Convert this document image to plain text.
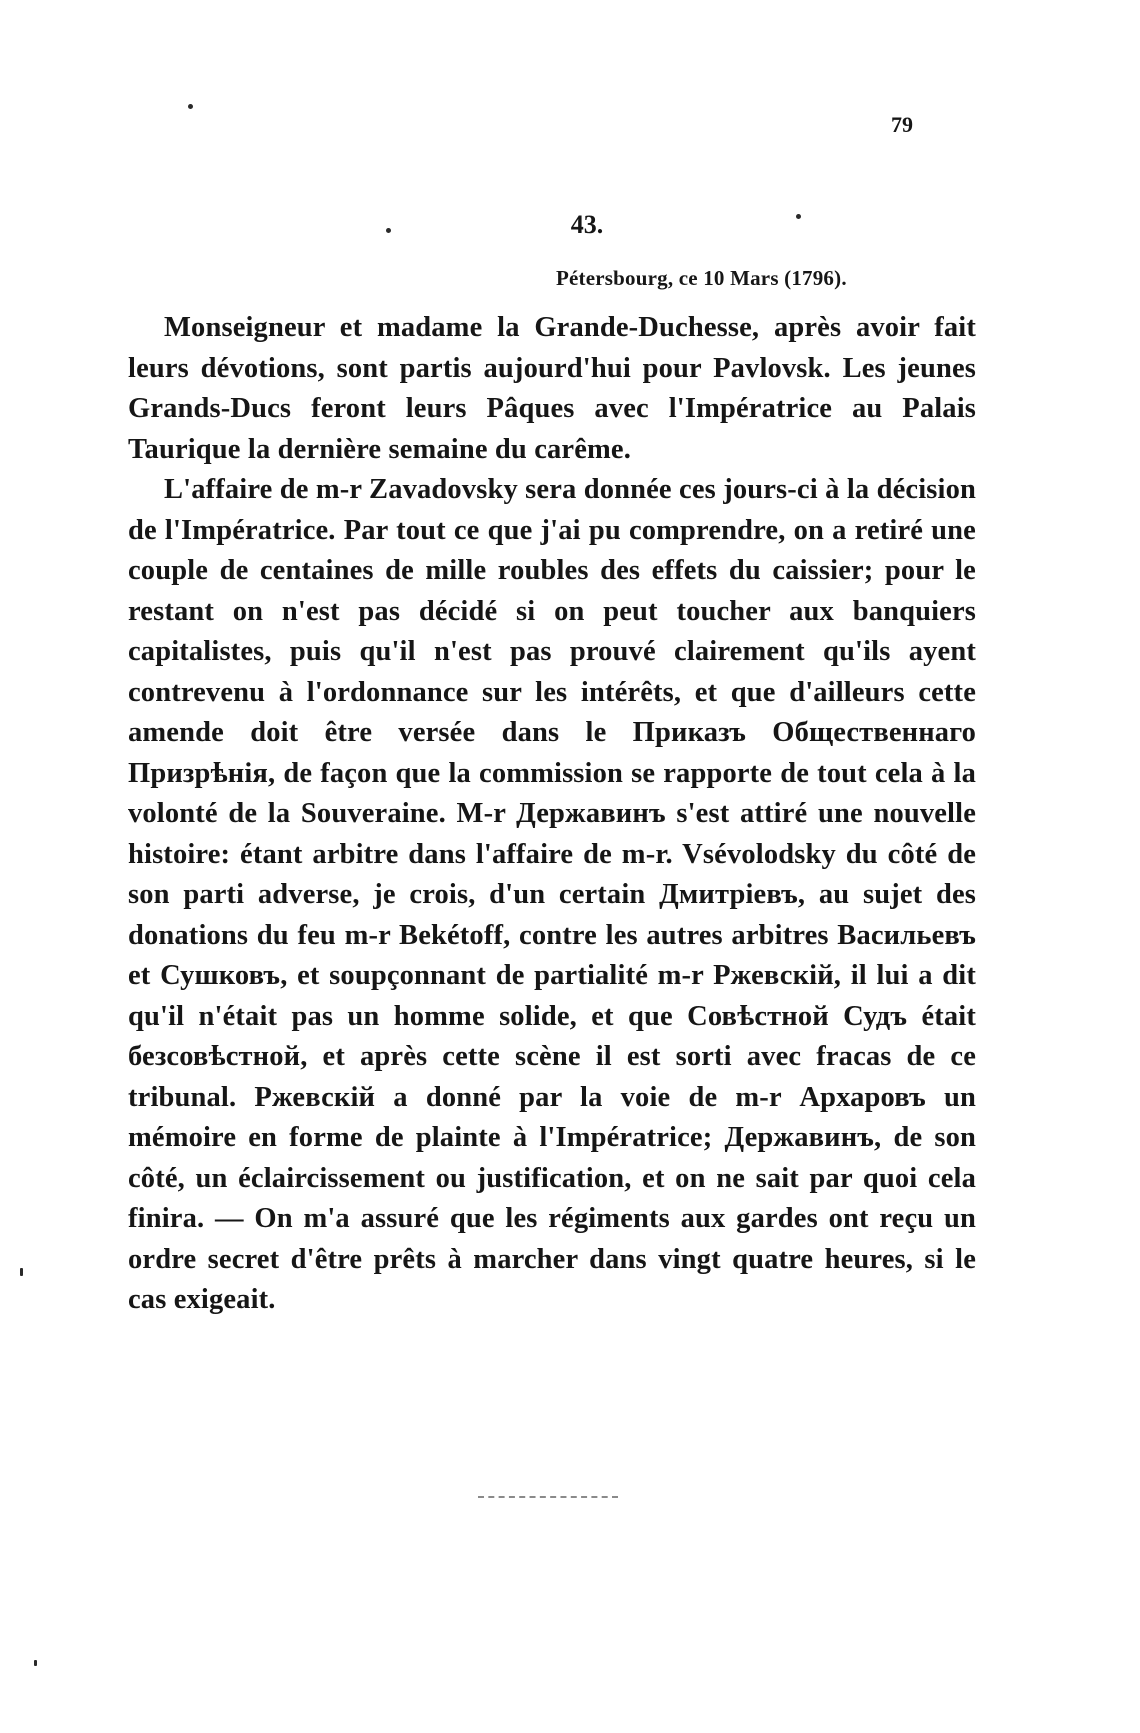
79
43.
Pétersbourg, ce 10 Mars (1796).

Monseigneur et madame la Grande-Duchesse, après avoir fait leurs dévotions, sont partis aujourd'hui pour Pavlovsk. Les jeunes Grands-Ducs feront leurs Pâques avec l'Impératrice au Palais Taurique la dernière semaine du carême.

L'affaire de m-r Zavadovsky sera donnée ces jours-ci à la décision de l'Impératrice. Par tout ce que j'ai pu comprendre, on a retiré une couple de centaines de mille roubles des effets du caissier; pour le restant on n'est pas décidé si on peut toucher aux banquiers capitalistes, puis qu'il n'est pas prouvé clairement qu'ils ayent contrevenu à l'ordonnance sur les intérêts, et que d'ailleurs cette amende doit être versée dans le Приказъ Общественнаго Призрѣнія, de façon que la commission se rapporte de tout cela à la volonté de la Souveraine. M-r Державинъ s'est attiré une nouvelle histoire: étant arbitre dans l'affaire de m-r. Vsévolodsky du côté de son parti adverse, je crois, d'un certain Дмитріевъ, au sujet des donations du feu m-r Bekétoff, contre les autres arbitres Васильевъ et Сушковъ, et soupçonnant de partialité m-r Ржевскій, il lui a dit qu'il n'était pas un homme solide, et que Совѣстной Судъ était безсовѣстной, et après cette scène il est sorti avec fracas de ce tribunal. Ржевскій a donné par la voie de m-r Архаровъ un mémoire en forme de plainte à l'Impératrice; Державинъ, de son côté, un éclaircissement ou justification, et on ne sait par quoi cela finira. — On m'a assuré que les régiments aux gardes ont reçu un ordre secret d'être prêts à marcher dans vingt quatre heures, si le cas exigeait.
